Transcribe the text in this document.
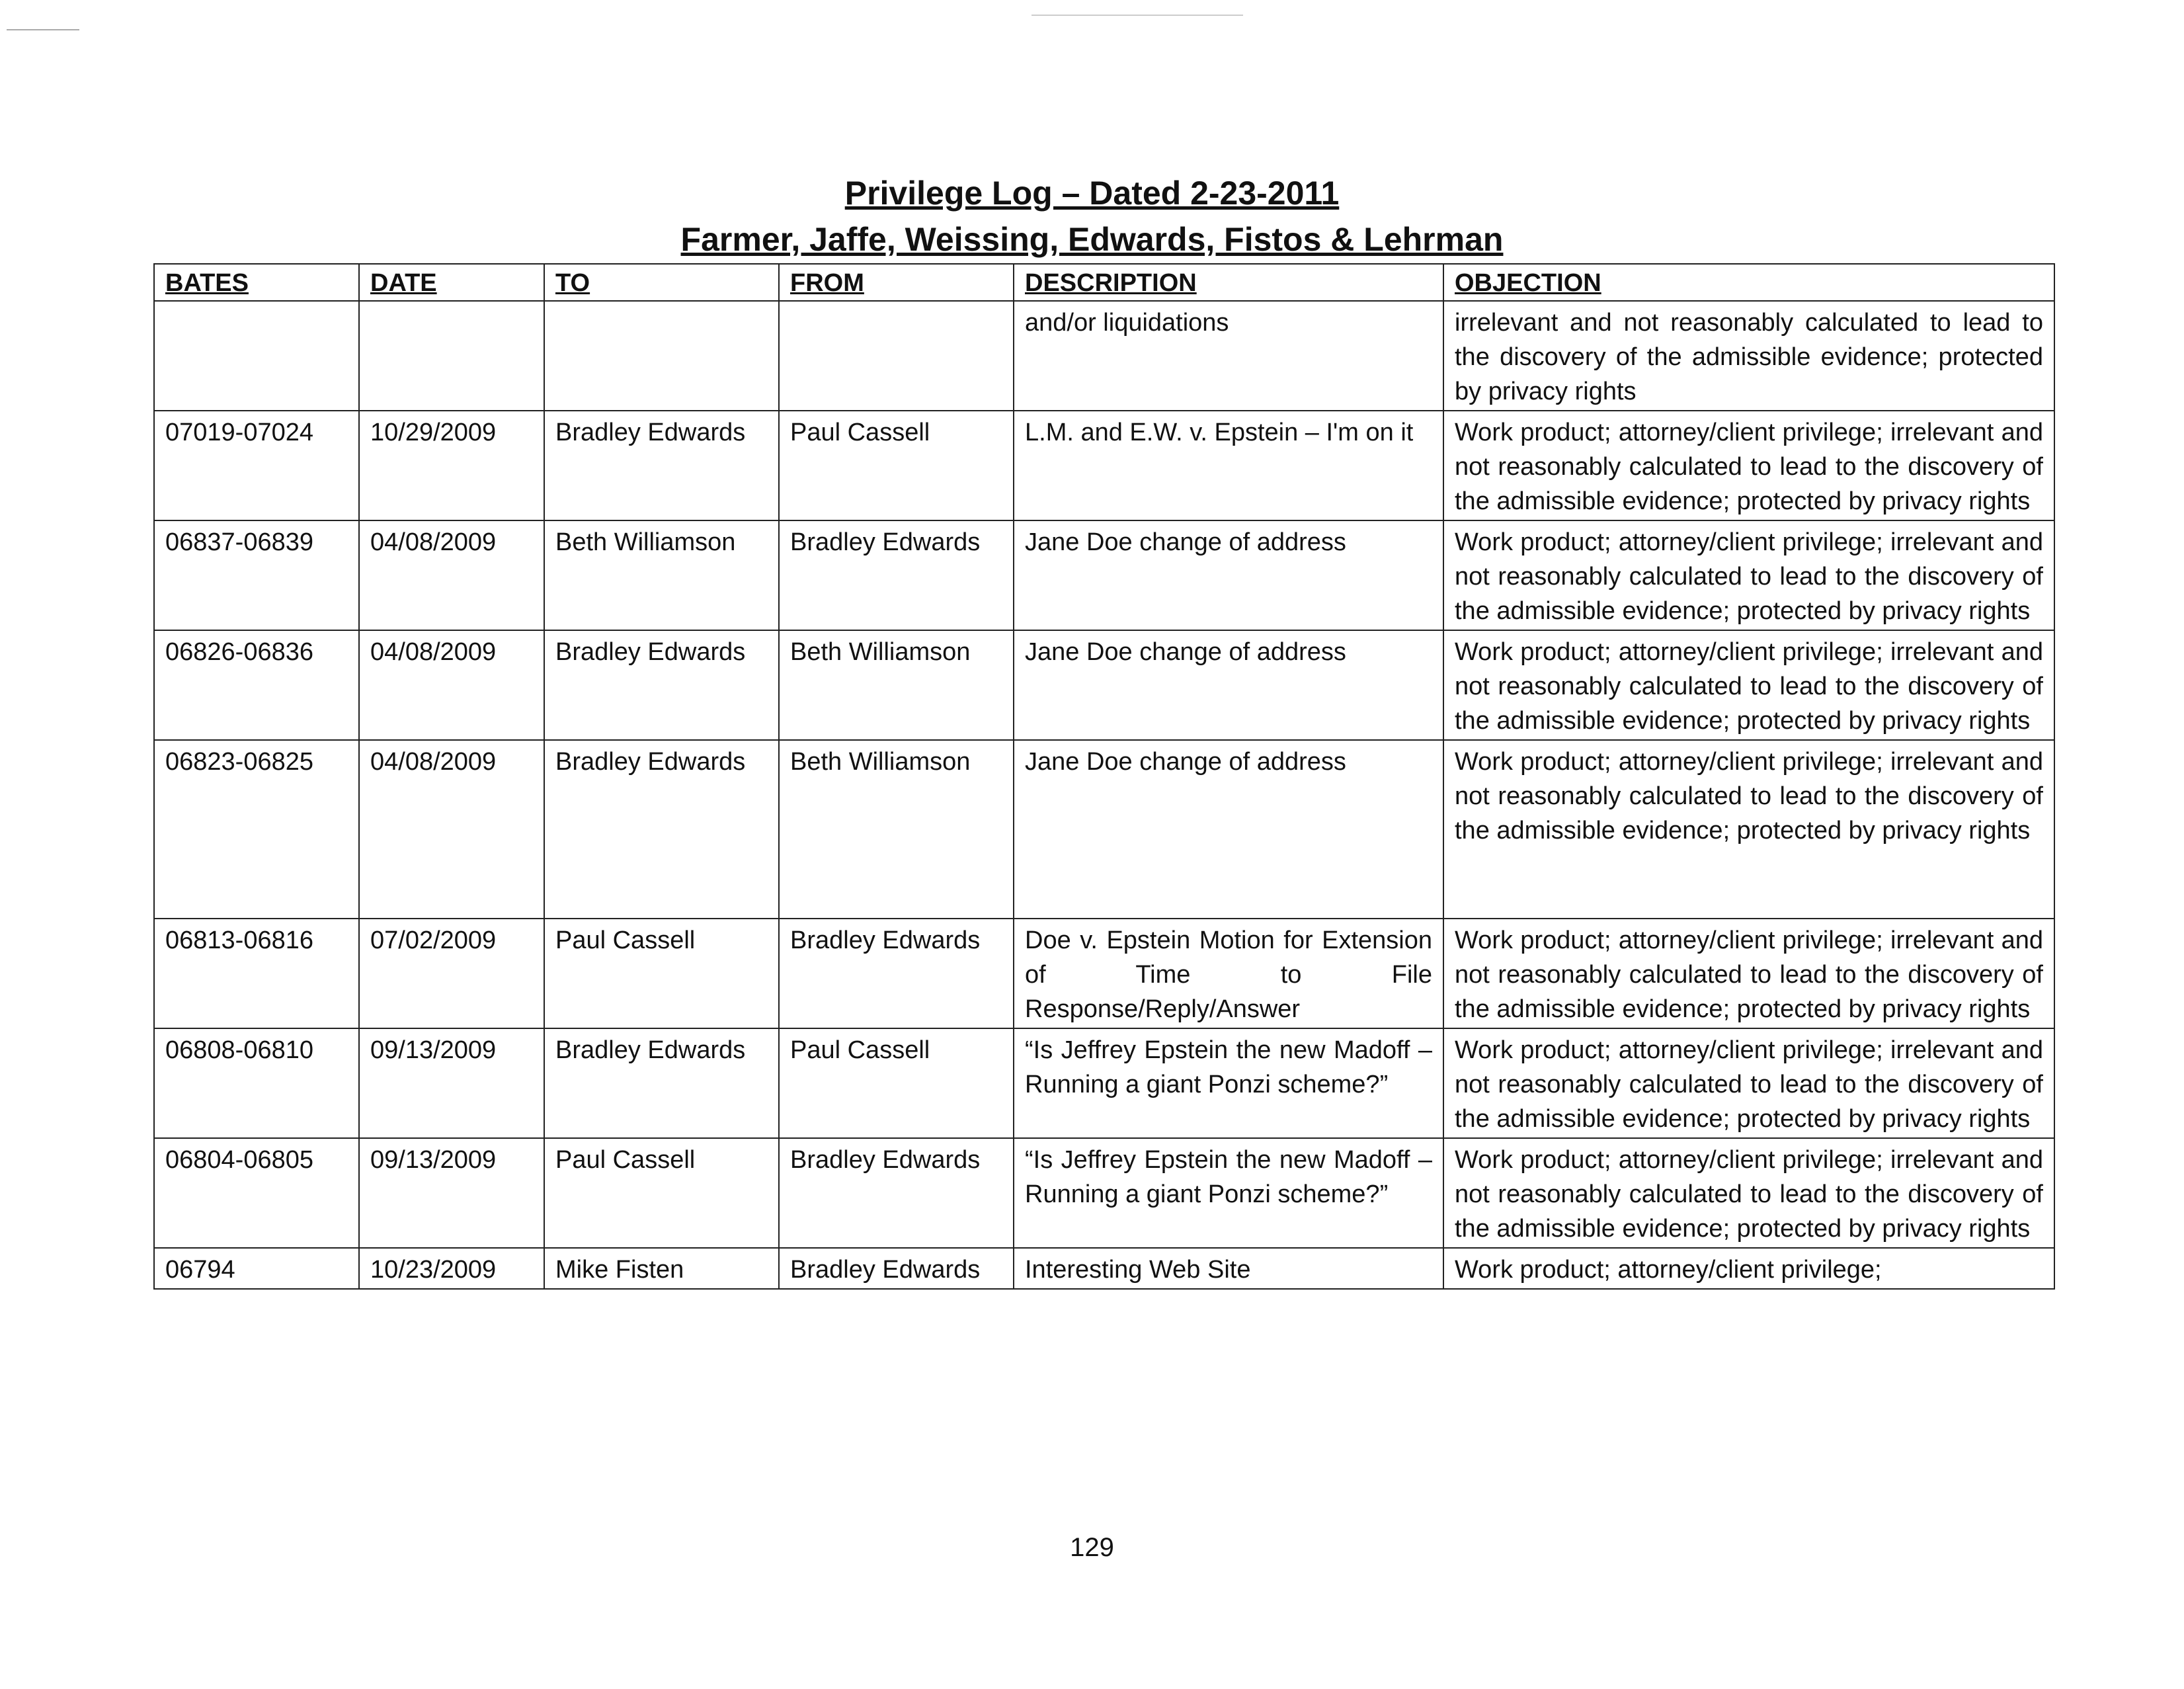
Privilege Log – Dated 2-23-2011
Farmer, Jaffe, Weissing, Edwards, Fistos & Lehrman
BATES	DATE	TO	FROM	DESCRIPTION	OBJECTION
				and/or liquidations	irrelevant and not reasonably calculated to lead to the discovery of the admissible evidence; protected by privacy rights
07019-07024	10/29/2009	Bradley Edwards	Paul Cassell	L.M. and E.W. v. Epstein – I'm on it	Work product; attorney/client privilege; irrelevant and not reasonably calculated to lead to the discovery of the admissible evidence; protected by privacy rights
06837-06839	04/08/2009	Beth Williamson	Bradley Edwards	Jane Doe change of address	Work product; attorney/client privilege; irrelevant and not reasonably calculated to lead to the discovery of the admissible evidence; protected by privacy rights
06826-06836	04/08/2009	Bradley Edwards	Beth Williamson	Jane Doe change of address	Work product; attorney/client privilege; irrelevant and not reasonably calculated to lead to the discovery of the admissible evidence; protected by privacy rights
06823-06825	04/08/2009	Bradley Edwards	Beth Williamson	Jane Doe change of address	Work product; attorney/client privilege; irrelevant and not reasonably calculated to lead to the discovery of the admissible evidence; protected by privacy rights
06813-06816	07/02/2009	Paul Cassell	Bradley Edwards	Doe v. Epstein Motion for Extension of Time to File Response/Reply/Answer	Work product; attorney/client privilege; irrelevant and not reasonably calculated to lead to the discovery of the admissible evidence; protected by privacy rights
06808-06810	09/13/2009	Bradley Edwards	Paul Cassell	“Is Jeffrey Epstein the new Madoff – Running a giant Ponzi scheme?”	Work product; attorney/client privilege; irrelevant and not reasonably calculated to lead to the discovery of the admissible evidence; protected by privacy rights
06804-06805	09/13/2009	Paul Cassell	Bradley Edwards	“Is Jeffrey Epstein the new Madoff – Running a giant Ponzi scheme?”	Work product; attorney/client privilege; irrelevant and not reasonably calculated to lead to the discovery of the admissible evidence; protected by privacy rights
06794	10/23/2009	Mike Fisten	Bradley Edwards	Interesting Web Site	Work product; attorney/client privilege;
129
